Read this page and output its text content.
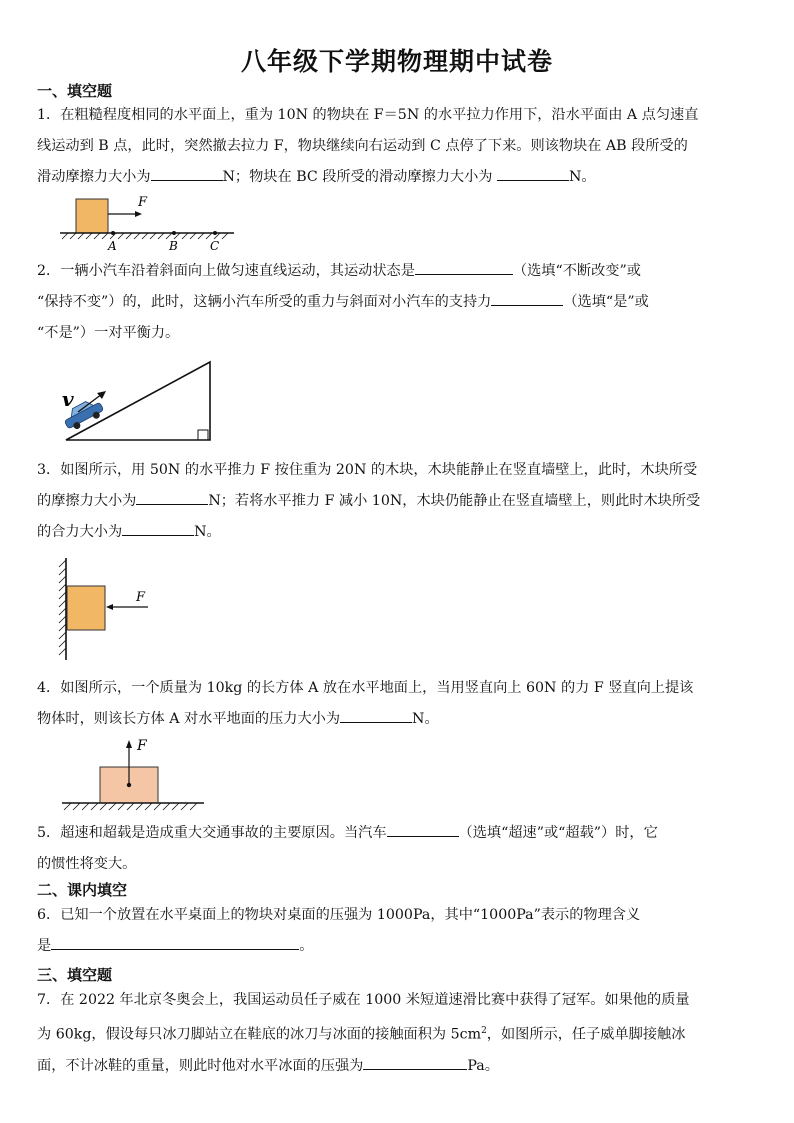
八年级下学期物理期中试卷
一、填空题
1．在粗糙程度相同的水平面上，重为 10N 的物块在 F＝5N 的水平拉力作用下，沿水平面由 A 点匀速直
线运动到 B 点，此时，突然撤去拉力 F，物块继续向右运动到 C 点停了下来。则该物块在 AB 段所受的
滑动摩擦力大小为	N；物块在 BC 段所受的滑动摩擦力大小为	N。
F
A	B	C
2．一辆小汽车沿着斜面向上做匀速直线运动，其运动状态是	（选填“不断改变”或
“保持不变”）的，此时，这辆小汽车所受的重力与斜面对小汽车的支持力	（选填“是”或
“不是”）一对平衡力。
v
3．如图所示，用 50N 的水平推力 F 按住重为 20N 的木块，木块能静止在竖直墙壁上，此时，木块所受
的摩擦力大小为	N；若将水平推力 F 减小 10N，木块仍能静止在竖直墙壁上，则此时木块所受
的合力大小为	N。
F
4．如图所示，一个质量为 10kg 的长方体 A 放在水平地面上，当用竖直向上 60N 的力 F 竖直向上提该
物体时，则该长方体 A 对水平地面的压力大小为	N。
F
5．超速和超载是造成重大交通事故的主要原因。当汽车	（选填“超速”或“超载”）时，它
的惯性将变大。
二、课内填空
6．已知一个放置在水平桌面上的物块对桌面的压强为 1000Pa，其中“1000Pa”表示的物理含义
是	。
三、填空题
7．在 2022 年北京冬奥会上，我国运动员任子威在 1000 米短道速滑比赛中获得了冠军。如果他的质量
为 60kg，假设每只冰刀脚站立在鞋底的冰刀与冰面的接触面积为 $5cm^2$，如图所示，任子威单脚接触冰
面，不计冰鞋的重量，则此时他对水平冰面的压强为	Pa。
